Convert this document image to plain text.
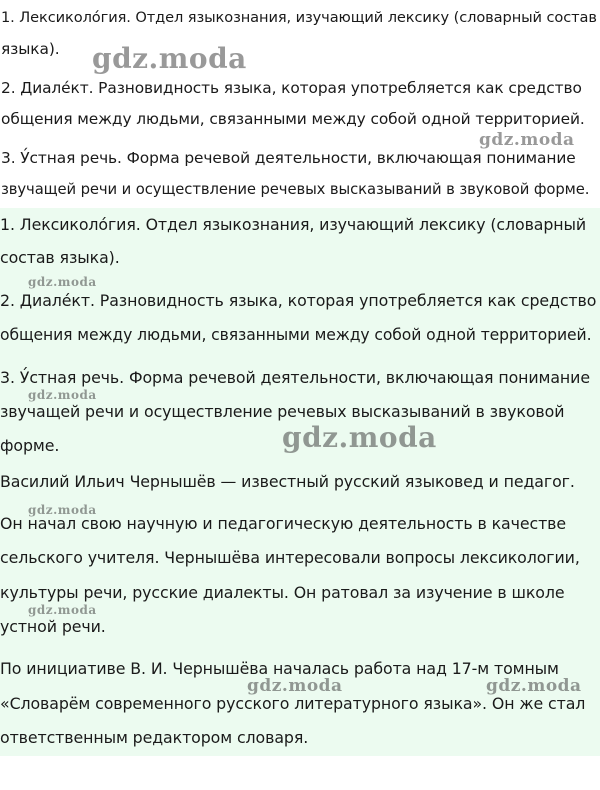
1. Лексиколо́гия. Отдел языкознания, изучающий лексику (словарный состав
языка).
2. Диале́кт. Разновидность языка, которая употребляется как средство
общения между людьми, связанными между собой одной территорией.
3. У́стная речь. Форма речевой деятельности, включающая понимание
звучащей речи и осуществление речевых высказываний в звуковой форме.
1. Лексиколо́гия. Отдел языкознания, изучающий лексику (словарный
состав языка).
2. Диале́кт. Разновидность языка, которая употребляется как средство
общения между людьми, связанными между собой одной территорией.
3. У́стная речь. Форма речевой деятельности, включающая понимание
звучащей речи и осуществление речевых высказываний в звуковой
форме.
Василий Ильич Чернышёв — известный русский языковед и педагог.
Он начал свою научную и педагогическую деятельность в качестве
сельского учителя. Чернышёва интересовали вопросы лексикологии,
культуры речи, русские диалекты. Он ратовал за изучение в школе
устной речи.
По инициативе В. И. Чернышёва началась работа над 17-м томным
«Словарём современного русского литературного языка». Он же стал
ответственным редактором словаря.
gdz.moda
gdz.moda
gdz.moda
gdz.moda
gdz.moda
gdz.moda
gdz.moda
gdz.moda	gdz.moda
